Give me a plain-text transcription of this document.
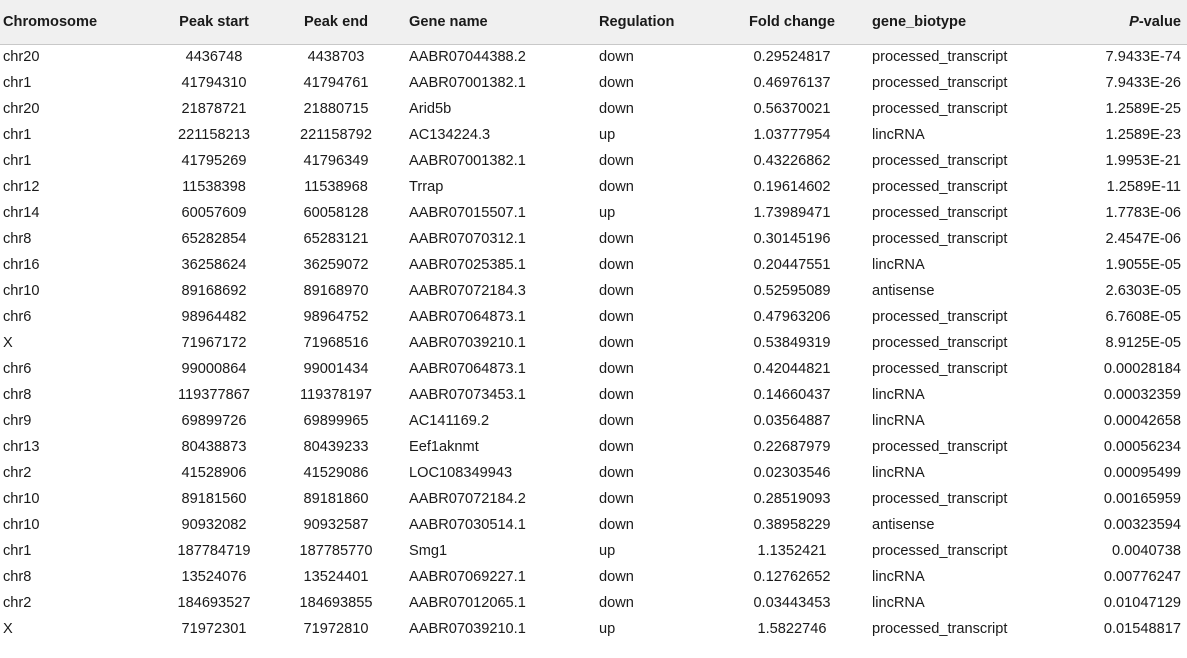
Chromosome	Peak start	Peak end	Gene name	Regulation	Fold change	gene_biotype	P-value
chr20	4436748	4438703	AABR07044388.2	down	0.29524817	processed_transcript	7.9433E-74
chr1	41794310	41794761	AABR07001382.1	down	0.46976137	processed_transcript	7.9433E-26
chr20	21878721	21880715	Arid5b	down	0.56370021	processed_transcript	1.2589E-25
chr1	221158213	221158792	AC134224.3	up	1.03777954	lincRNA	1.2589E-23
chr1	41795269	41796349	AABR07001382.1	down	0.43226862	processed_transcript	1.9953E-21
chr12	11538398	11538968	Trrap	down	0.19614602	processed_transcript	1.2589E-11
chr14	60057609	60058128	AABR07015507.1	up	1.73989471	processed_transcript	1.7783E-06
chr8	65282854	65283121	AABR07070312.1	down	0.30145196	processed_transcript	2.4547E-06
chr16	36258624	36259072	AABR07025385.1	down	0.20447551	lincRNA	1.9055E-05
chr10	89168692	89168970	AABR07072184.3	down	0.52595089	antisense	2.6303E-05
chr6	98964482	98964752	AABR07064873.1	down	0.47963206	processed_transcript	6.7608E-05
X	71967172	71968516	AABR07039210.1	down	0.53849319	processed_transcript	8.9125E-05
chr6	99000864	99001434	AABR07064873.1	down	0.42044821	processed_transcript	0.00028184
chr8	119377867	119378197	AABR07073453.1	down	0.14660437	lincRNA	0.00032359
chr9	69899726	69899965	AC141169.2	down	0.03564887	lincRNA	0.00042658
chr13	80438873	80439233	Eef1aknmt	down	0.22687979	processed_transcript	0.00056234
chr2	41528906	41529086	LOC108349943	down	0.02303546	lincRNA	0.00095499
chr10	89181560	89181860	AABR07072184.2	down	0.28519093	processed_transcript	0.00165959
chr10	90932082	90932587	AABR07030514.1	down	0.38958229	antisense	0.00323594
chr1	187784719	187785770	Smg1	up	1.1352421	processed_transcript	0.0040738
chr8	13524076	13524401	AABR07069227.1	down	0.12762652	lincRNA	0.00776247
chr2	184693527	184693855	AABR07012065.1	down	0.03443453	lincRNA	0.01047129
X	71972301	71972810	AABR07039210.1	up	1.5822746	processed_transcript	0.01548817
